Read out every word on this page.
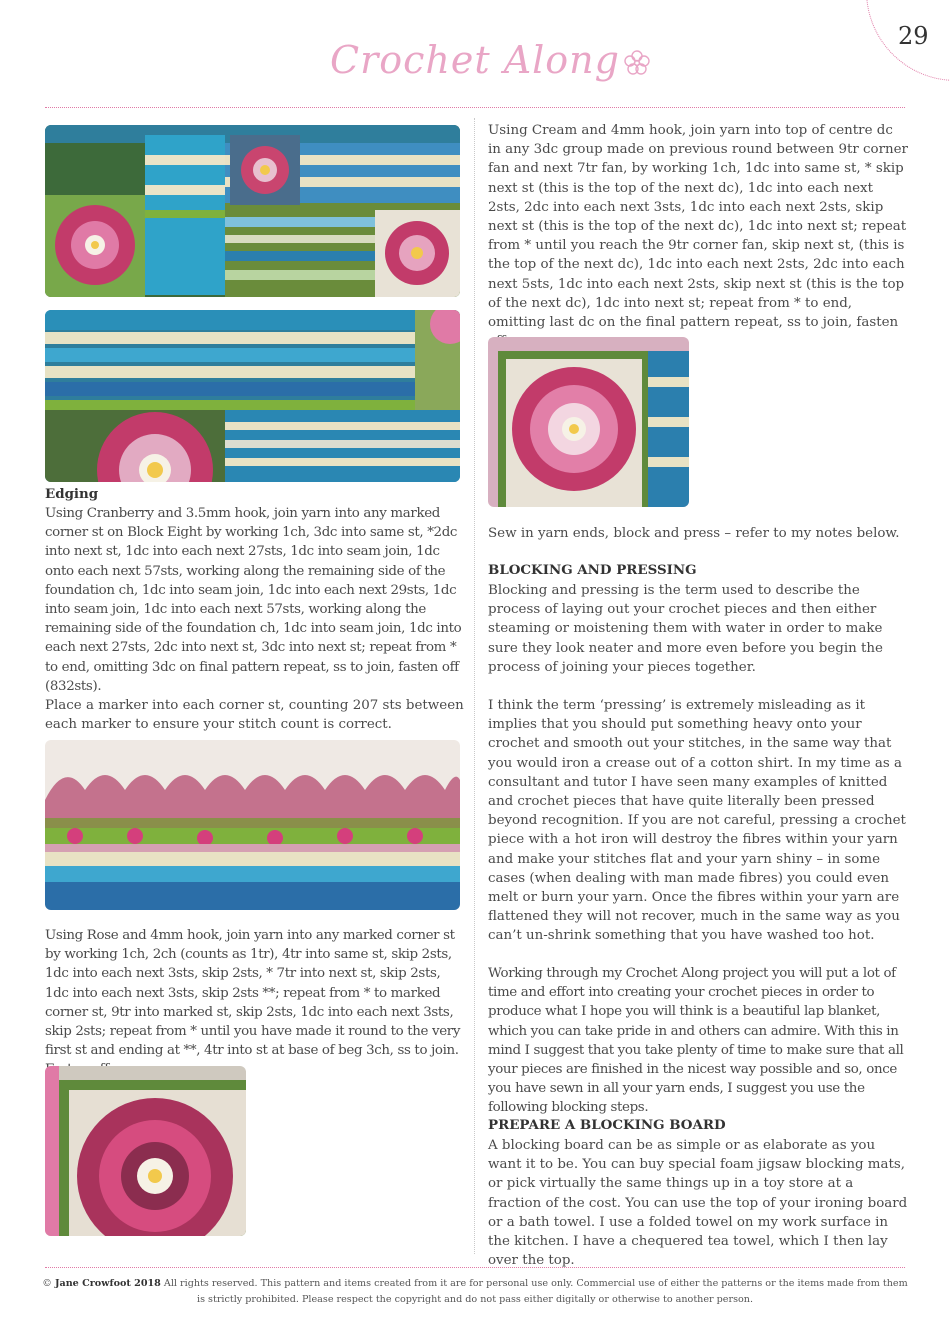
29
Crochet Along

Edging

Using Cranberry and 3.5mm hook, join yarn into any marked corner st on Block Eight by working 1ch, 3dc into same st, *2dc into next st, 1dc into each next 27sts, 1dc into seam join, 1dc onto each next 57sts, working along the remaining side of the foundation ch, 1dc into seam join, 1dc into each next 29sts, 1dc into seam join, 1dc into each next 57sts, working along the remaining side of the foundation ch, 1dc into seam join, 1dc into each next 27sts, 2dc into next st, 3dc into next st; repeat from * to end, omitting 3dc on final pattern repeat, ss to join, fasten off (832sts).

Place a marker into each corner st, counting 207 sts between each marker to ensure your stitch count is correct.

Using Rose and 4mm hook, join yarn into any marked corner st by working 1ch, 2ch (counts as 1tr), 4tr into same st, skip 2sts, 1dc into each next 3sts, skip 2sts, * 7tr into next st, skip 2sts, 1dc into each next 3sts, skip 2sts **; repeat from * to marked corner st, 9tr into marked st, skip 2sts, 1dc into each next 3sts, skip 2sts; repeat from * until you have made it round to the very first st and ending at **, 4tr into st at base of beg 3ch, ss to join.

Using Cream and 4mm hook, join yarn into top of centre dc in any 3dc group made on previous round between 9tr corner fan and next 7tr fan, by working 1ch, 1dc into same st, * skip next st (this is the top of the next dc), 1dc into each next 2sts, 2dc into each next 3sts, 1dc into each next 2sts, skip next st (this is the top of the next dc), 1dc into next st; repeat from * until you reach the 9tr corner fan, skip next st, (this is the top of the next dc), 1dc into each next 2sts, 2dc into each next 5sts, 1dc into each next 2sts, skip next st (this is the top of the next dc), 1dc into next st; repeat from * to end, omitting last dc on the final pattern repeat, ss to join, fasten

Sew in yarn ends, block and press – refer to my notes below.

BLOCKING AND PRESSING

Blocking and pressing is the term used to describe the process of laying out your crochet pieces and then either steaming or moistening them with water in order to make sure they look neater and more even before you begin the process of joining your pieces together.

I think the term ‘pressing’ is extremely misleading as it implies that you should put something heavy onto your crochet and smooth out your stitches, in the same way that you would iron a crease out of a cotton shirt. In my time as a consultant and tutor I have seen many examples of knitted and crochet pieces that have quite literally been pressed beyond recognition. If you are not careful, pressing a crochet piece with a hot iron will destroy the fibres within your yarn and make your stitches flat and your yarn shiny – in some cases (when dealing with man made fibres) you could even melt or burn your yarn. Once the fibres within your yarn are flattened they will not recover, much in the same way as you can’t un-shrink something that you have washed too hot.

Working through my Crochet Along project you will put a lot of time and effort into creating your crochet pieces in order to produce what I hope you will think is a beautiful lap blanket, which you can take pride in and others can admire. With this in mind I suggest that you take plenty of time to make sure that all your pieces are finished in the nicest way possible and so, once you have sewn in all your yarn ends, I suggest you use the following blocking steps.

PREPARE A BLOCKING BOARD

A blocking board can be as simple or as elaborate as you want it to be. You can buy special foam jigsaw blocking mats, or pick virtually the same things up in a toy store at a fraction of the cost. You can use the top of your ironing board or a bath towel. I use a folded towel on my work surface in the kitchen. I have a chequered tea towel, which I then lay over the top.

© Jane Crowfoot 2018 All rights reserved. This pattern and items created from it are for personal use only. Commercial use of either the patterns or the items made from them is strictly prohibited. Please respect the copyright and do not pass either digitally or otherwise to another person.
